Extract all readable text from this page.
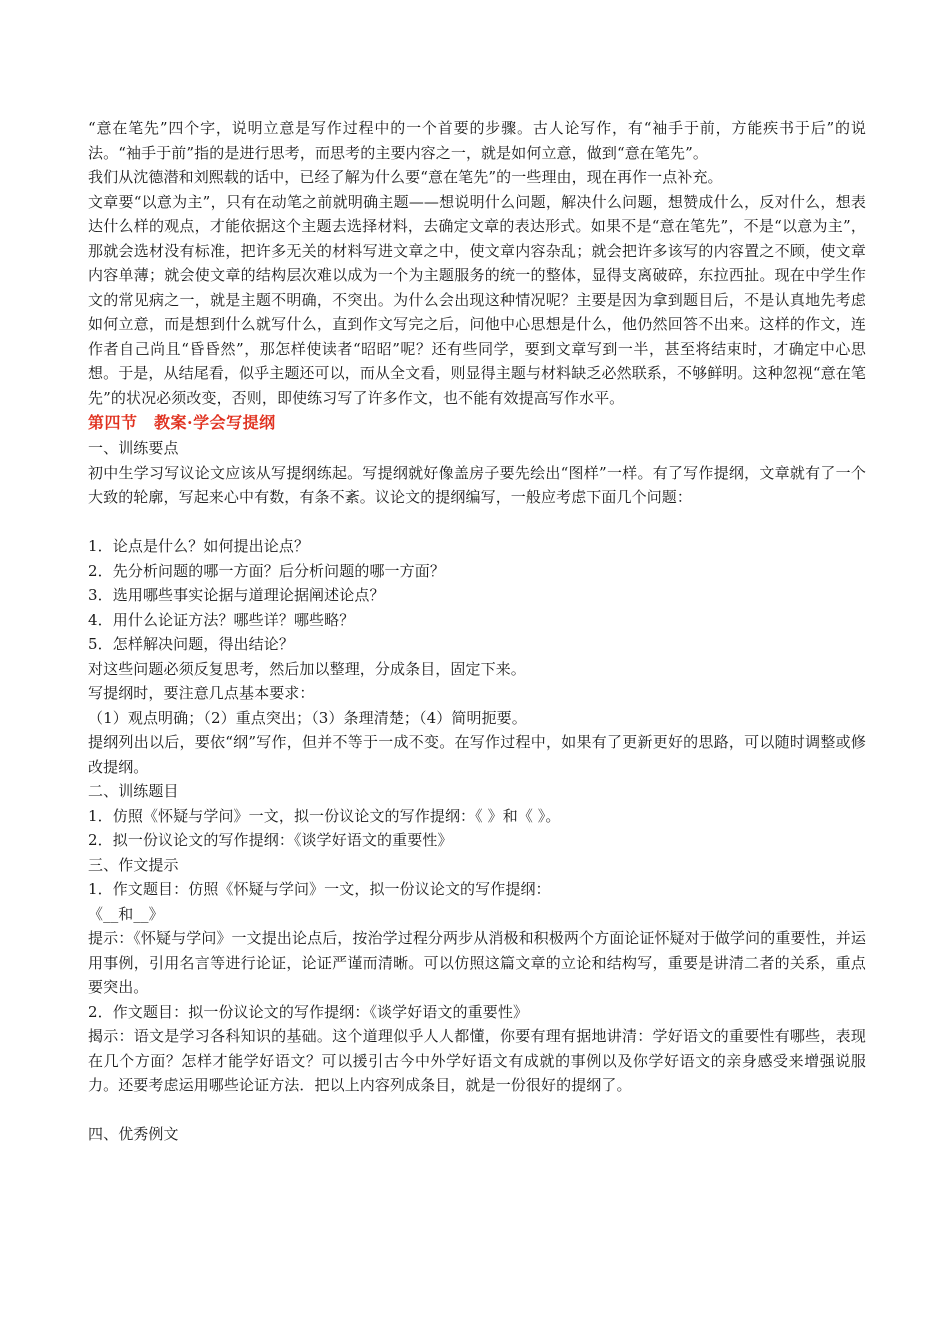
“意在笔先”四个字，说明立意是写作过程中的一个首要的步骤。古人论写作，有“袖手于前，方能疾书于后”的说法。“袖手于前”指的是进行思考，而思考的主要内容之一，就是如何立意，做到“意在笔先”。

我们从沈德潜和刘熙载的话中，已经了解为什么要“意在笔先”的一些理由，现在再作一点补充。

文章要“以意为主”，只有在动笔之前就明确主题——想说明什么问题，解决什么问题，想赞成什么，反对什么，想表达什么样的观点，才能依据这个主题去选择材料，去确定文章的表达形式。如果不是“意在笔先”，不是“以意为主”，那就会选材没有标准，把许多无关的材料写进文章之中，使文章内容杂乱；就会把许多该写的内容置之不顾，使文章内容单薄；就会使文章的结构层次难以成为一个为主题服务的统一的整体，显得支离破碎，东拉西扯。现在中学生作文的常见病之一，就是主题不明确，不突出。为什么会出现这种情况呢？主要是因为拿到题目后，不是认真地先考虑如何立意，而是想到什么就写什么，直到作文写完之后，问他中心思想是什么，他仍然回答不出来。这样的作文，连作者自己尚且“昏昏然”，那怎样使读者“昭昭”呢？还有些同学，要到文章写到一半，甚至将结束时，才确定中心思想。于是，从结尾看，似乎主题还可以，而从全文看，则显得主题与材料缺乏必然联系，不够鲜明。这种忽视“意在笔先”的状况必须改变，否则，即使练习写了许多作文，也不能有效提高写作水平。

第四节　教案·学会写提纲

一、训练要点

初中生学习写议论文应该从写提纲练起。写提纲就好像盖房子要先绘出“图样”一样。有了写作提纲，文章就有了一个大致的轮廓，写起来心中有数，有条不紊。议论文的提纲编写，一般应考虑下面几个问题：

1．论点是什么？如何提出论点？

2．先分析问题的哪一方面？后分析问题的哪一方面？

3．选用哪些事实论据与道理论据阐述论点？

4．用什么论证方法？哪些详？哪些略？

5．怎样解决问题，得出结论？

对这些问题必须反复思考，然后加以整理，分成条目，固定下来。

写提纲时，要注意几点基本要求：

（1）观点明确；（2）重点突出；（3）条理清楚；（4）简明扼要。

提纲列出以后，要依“纲”写作，但并不等于一成不变。在写作过程中，如果有了更新更好的思路，可以随时调整或修改提纲。

二、训练题目

1．仿照《怀疑与学问》一文，拟一份议论文的写作提纲：《 》和《 》。

2．拟一份议论文的写作提纲：《谈学好语文的重要性》

三、作文提示

1．作文题目：仿照《怀疑与学问》一文，拟一份议论文的写作提纲：

《__和__》

提示：《怀疑与学问》一文提出论点后，按治学过程分两步从消极和积极两个方面论证怀疑对于做学问的重要性，并运用事例，引用名言等进行论证，论证严谨而清晰。可以仿照这篇文章的立论和结构写，重要是讲清二者的关系，重点要突出。

2．作文题目：拟一份议论文的写作提纲：《谈学好语文的重要性》

揭示：语文是学习各科知识的基础。这个道理似乎人人都懂，你要有理有据地讲清：学好语文的重要性有哪些，表现在几个方面？怎样才能学好语文？可以援引古今中外学好语文有成就的事例以及你学好语文的亲身感受来增强说服力。还要考虑运用哪些论证方法．把以上内容列成条目，就是一份很好的提纲了。

四、优秀例文
